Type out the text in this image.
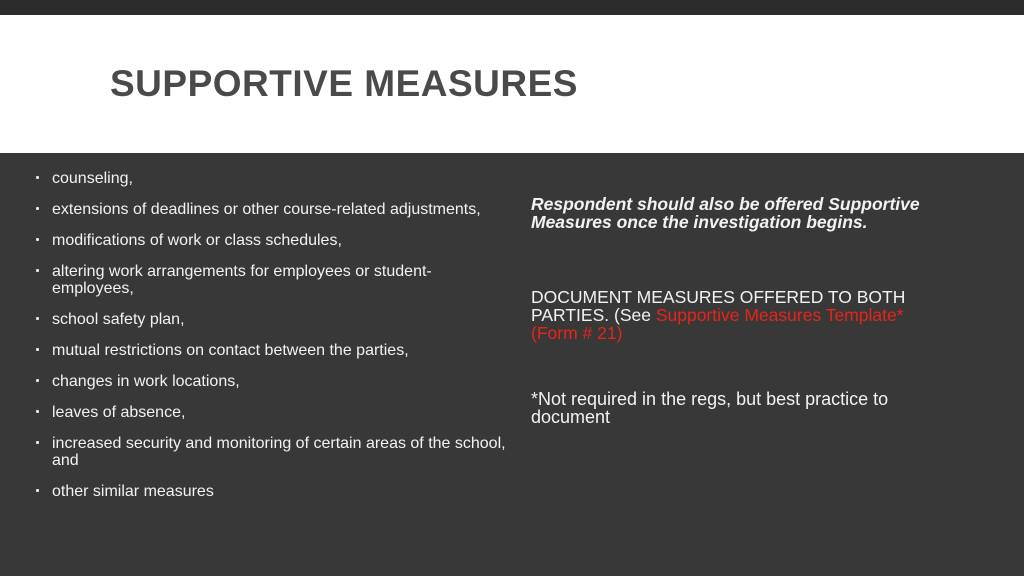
SUPPORTIVE MEASURES
counseling,
extensions of deadlines or other course-related adjustments,
modifications of work or class schedules,
altering work arrangements for employees or student-employees,
school safety plan,
mutual restrictions on contact between the parties,
changes in work locations,
leaves of absence,
increased security and monitoring of certain areas of the school, and
other similar measures
Respondent should also be offered Supportive Measures once the investigation begins.
DOCUMENT MEASURES OFFERED TO BOTH PARTIES. (See Supportive Measures Template* (Form # 21)
*Not required in the regs, but best practice to document
